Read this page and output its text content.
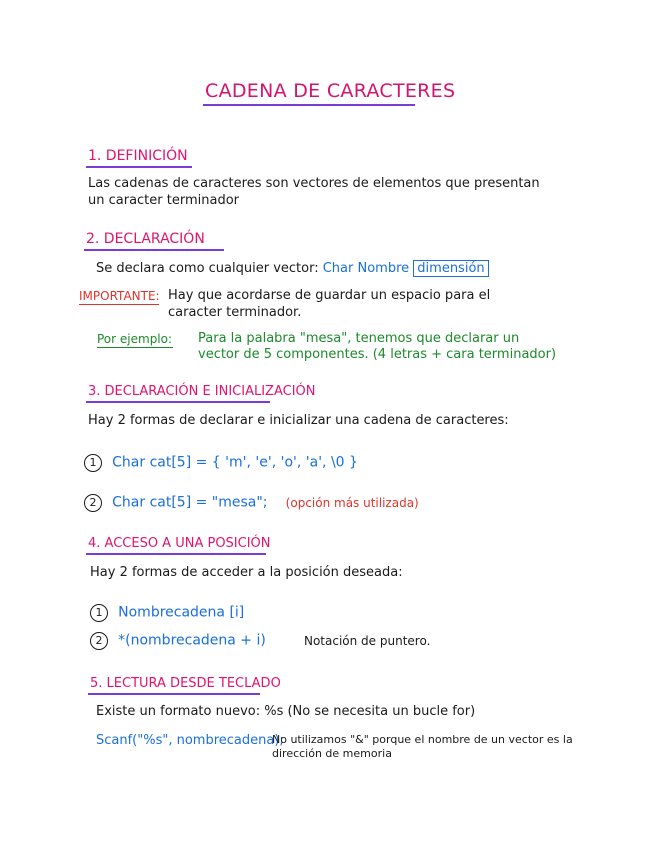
CADENA DE CARACTERES
1. DEFINICIÓN
Las cadenas de caracteres son vectores de elementos que presentan
un caracter terminador
2. DECLARACIÓN
Se declara como cualquier vector: Char Nombre dimensión
IMPORTANTE: Hay que acordarse de guardar un espacio para el
caracter terminador.
Por ejemplo: Para la palabra "mesa", tenemos que declarar un
vector de 5 componentes. (4 letras + cara terminador)
3. DECLARACIÓN E INICIALIZACIÓN
Hay 2 formas de declarar e inicializar una cadena de caracteres:
1 Char cat[5] = { 'm', 'e', 'o', 'a', \0 }
2 Char cat[5] = "mesa"; (opción más utilizada)
4. ACCESO A UNA POSICIÓN
Hay 2 formas de acceder a la posición deseada:
1 Nombrecadena [i]
2 *(nombrecadena + i)	Notación de puntero.
5. LECTURA DESDE TECLADO
Existe un formato nuevo: %s (No se necesita un bucle for)
Scanf("%s", nombrecadena);
No utilizamos "&" porque el nombre de un vector es la
dirección de memoria
